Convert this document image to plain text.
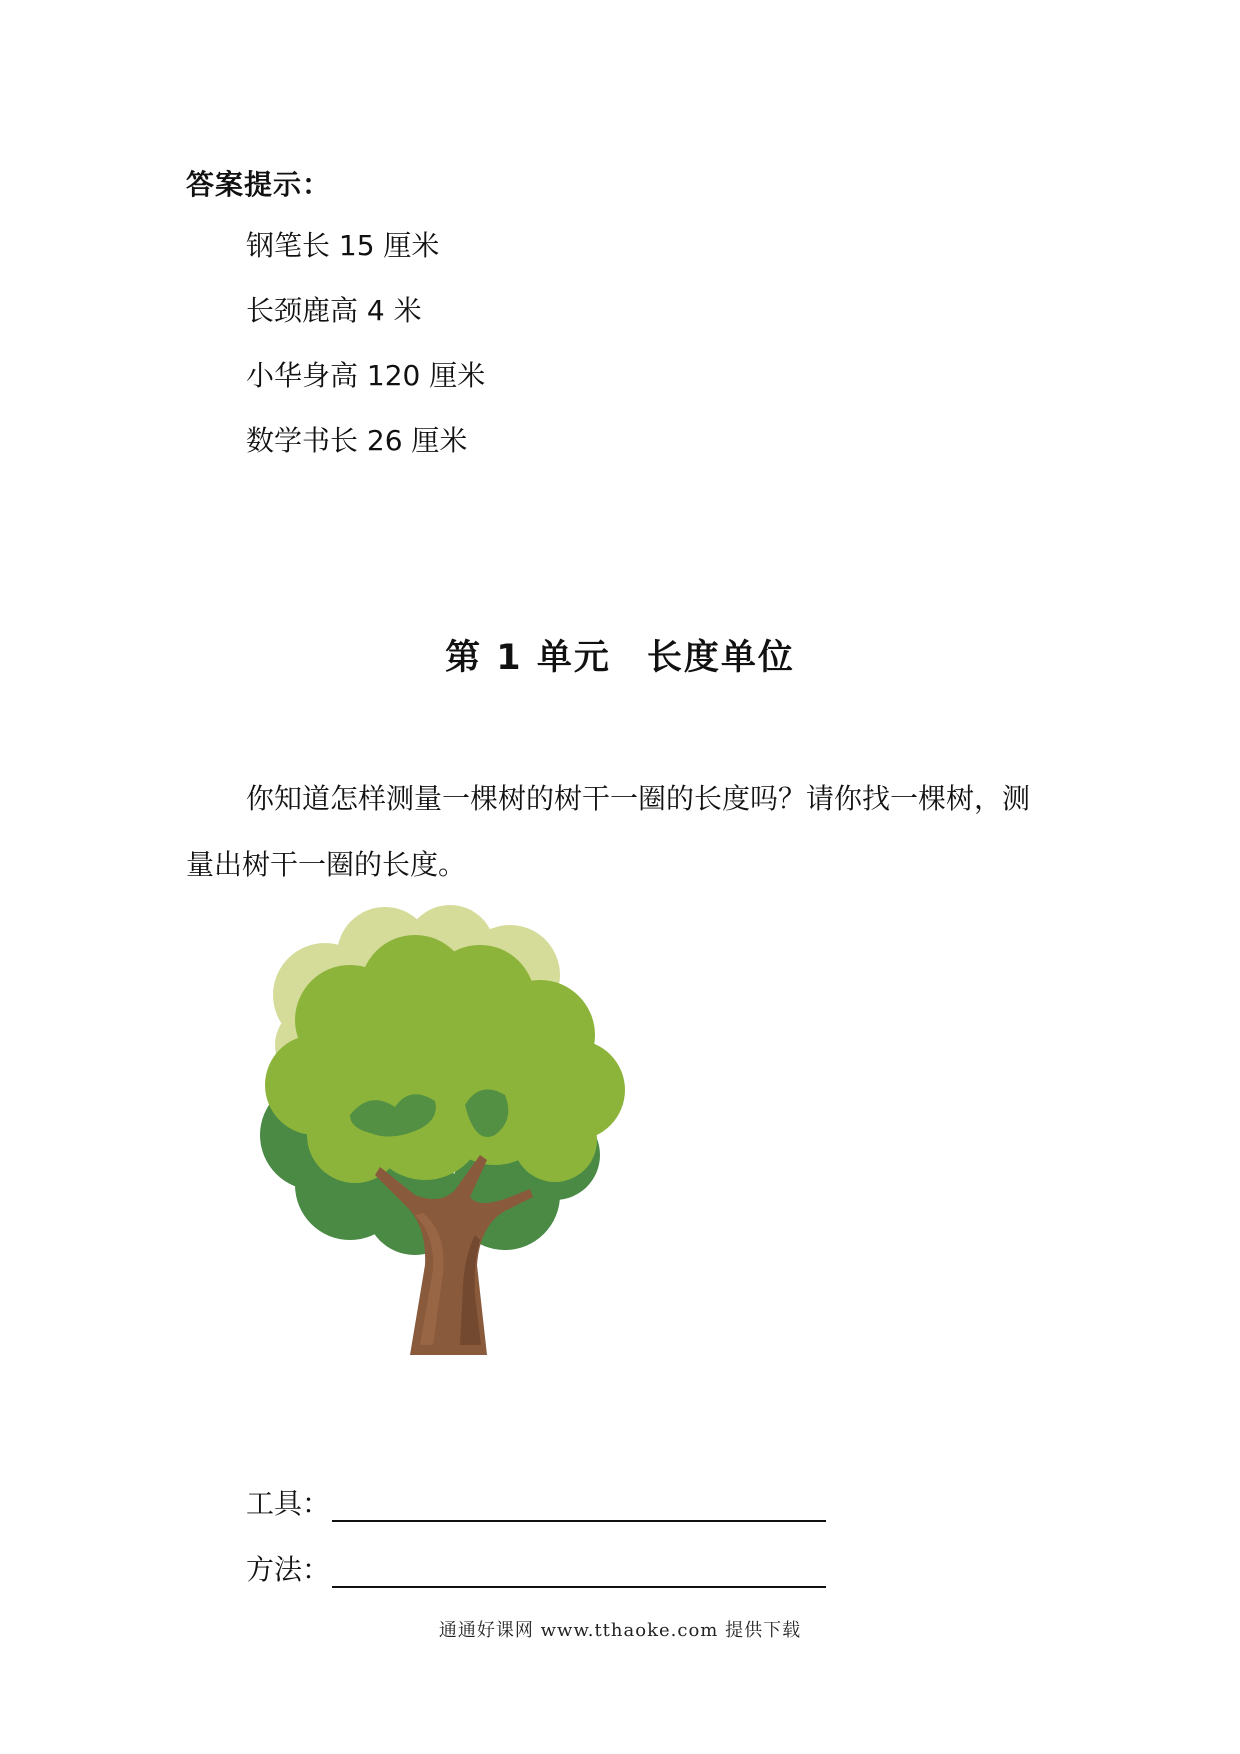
答案提示：
钢笔长 15 厘米
长颈鹿高 4 米
小华身高 120 厘米
数学书长 26 厘米
第 1 单元 长度单位

你知道怎样测量一棵树的树干一圈的长度吗？请你找一棵树，测量出树干一圈的长度。

工具：
方法：
通通好课网 www.tthaoke.com 提供下载
